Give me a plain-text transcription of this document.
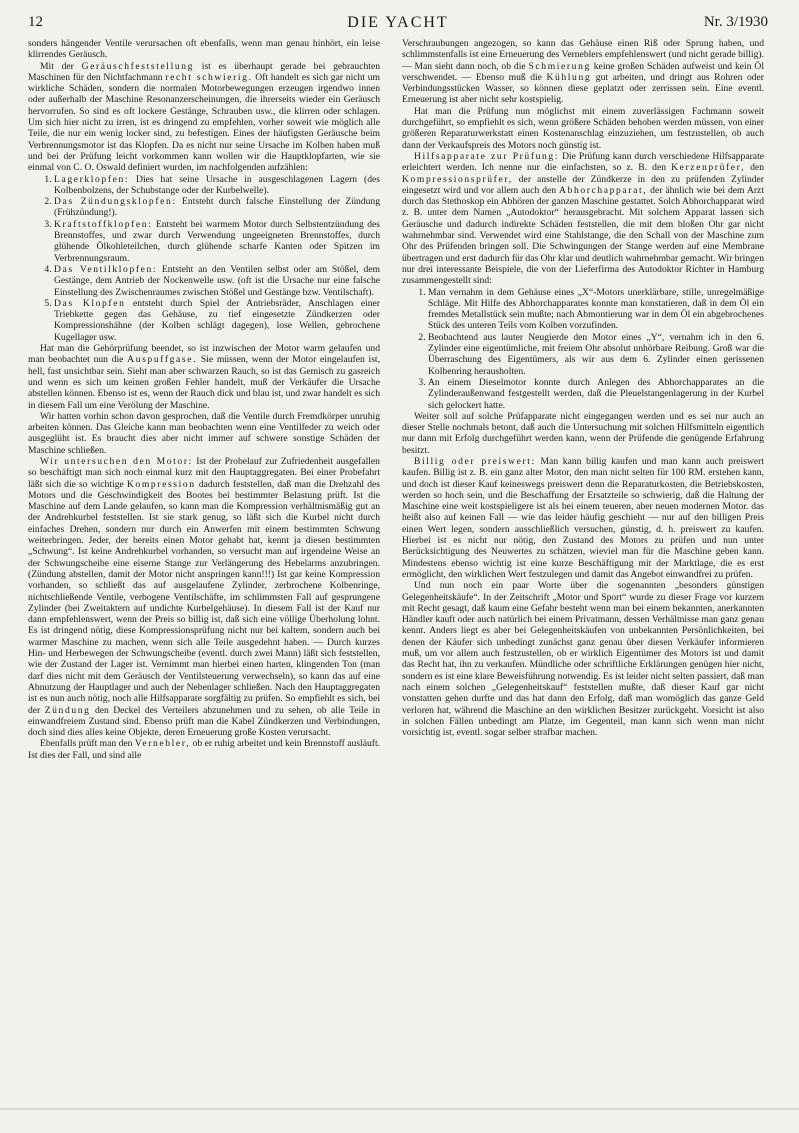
12	DIE YACHT	Nr. 3/1930

sonders hängender Ventile verursachen oft ebenfalls, wenn man genau hinhört, ein leise klirrendes Geräusch.

Mit der Geräuschfeststellung ist es überhaupt gerade bei gebrauchten Maschinen für den Nichtfachmann recht schwierig. Oft handelt es sich gar nicht um wirkliche Schäden, sondern die normalen Motorbewegungen erzeugen irgendwo innen oder außerhalb der Maschine Resonanzerscheinungen, die ihrerseits wieder ein Geräusch hervorrufen. So sind es oft lockere Gestänge, Schrauben usw., die klirren oder schlagen. Um sich hier nicht zu irren, ist es dringend zu empfehlen, vorher soweit wie möglich alle Teile, die nur ein wenig locker sind, zu befestigen. Eines der häufigsten Geräusche beim Verbrennungsmotor ist das Klopfen. Da es nicht nur seine Ursache im Kolben haben muß und bei der Prüfung leicht vorkommen kann wollen wir die Hauptklopfarten, wie sie einmal von C. O. Oswald definiert wurden, im nachfolgenden aufzählen:

1. Lagerklopfen: Dies hat seine Ursache in ausgeschlagenen Lagern (des Kolbenbolzens, der Schubstange oder der Kurbelwelle).
2. Das Zündungsklopfen: Entsteht durch falsche Einstellung der Zündung (Frühzündung!).
3. Kraftstoffklopfen: Entsteht bei warmem Motor durch Selbstentzündung des Brennstoffes, und zwar durch Verwendung ungeeigneten Brennstoffes, durch glühende Ölkohleteilchen, durch glühende scharfe Kanten oder Spitzen im Verbrennungsraum.
4. Das Ventilklopfen: Entsteht an den Ventilen selbst oder am Stößel, dem Gestänge, dem Antrieb der Nockenwelle usw. (oft ist die Ursache nur eine falsche Einstellung des Zwischenraumes zwischen Stößel und Gestänge bzw. Ventilschaft).
5. Das Klopfen entsteht durch Spiel der Antriebsräder, Anschlagen einer Triebkette gegen das Gehäuse, zu tief eingesetzte Zündkerzen oder Kompressionshähne (der Kolben schlägt dagegen), lose Wellen, gebrochene Kugellager usw.

Hat man die Gehörprüfung beendet, so ist inzwischen der Motor warm gelaufen und man beobachtet nun die Auspuffgase. Sie müssen, wenn der Motor eingelaufen ist, hell, fast unsichtbar sein. Sieht man aber schwarzen Rauch, so ist das Gemisch zu gasreich und wenn es sich um keinen großen Fehler handelt, muß der Verkäufer die Ursache abstellen können. Ebenso ist es, wenn der Rauch dick und blau ist, und zwar handelt es sich in diesem Fall um eine Verölung der Maschine.

Wir hatten vorhin schon davon gesprochen, daß die Ventile durch Fremdkörper unruhig arbeiten können. Das Gleiche kann man beobachten wenn eine Ventilfeder zu weich oder ausgeglüht ist. Es braucht dies aber nicht immer auf schwere sonstige Schäden der Maschine schließen.

Wir untersuchen den Motor: Ist der Probelauf zur Zufriedenheit ausgefallen so beschäftigt man sich noch einmal kurz mit den Hauptaggregaten. Bei einer Probefahrt läßt sich die so wichtige Kompression dadurch feststellen, daß man die Drehzahl des Motors und die Geschwindigkeit des Bootes bei bestimmter Belastung prüft. Ist die Maschine auf dem Lande gelaufen, so kann man die Kompression verhältnismäßig gut an der Andrehkurbel feststellen. Ist sie stark genug, so läßt sich die Kurbel nicht durch einfaches Drehen, sondern nur durch ein Anwerfen mit einem bestimmten Schwung weiterbringen. Jeder, der bereits einen Motor gehabt hat, kennt ja diesen bestimmten „Schwung“. Ist keine Andrehkurbel vorhanden, so versucht man auf irgendeine Weise an der Schwungscheibe eine eiserne Stange zur Verlängerung des Hebelarms anzubringen. (Zündung abstellen, damit der Motor nicht anspringen kann!!!) Ist gar keine Kompression vorhanden, so schließt das auf ausgelaufene Zylinder, zerbrochene Kolbenringe, nichtschließende Ventile, verbogene Ventilschäfte, im schlimmsten Fall auf gesprungene Zylinder (bei Zweitaktern auf undichte Kurbelgehäuse). In diesem Fall ist der Kauf nur dann empfehlenswert, wenn der Preis so billig ist, daß sich eine völlige Überholung lohnt. Es ist dringend nötig, diese Kompressionsprüfung nicht nur bei kaltem, sondern auch bei warmer Maschine zu machen, wenn sich alle Teile ausgedehnt haben. — Durch kurzes Hin- und Herbewegen der Schwungscheibe (eventl. durch zwei Mann) läßt sich feststellen, wie der Zustand der Lager ist. Vernimmt man hierbei einen harten, klingenden Ton (man darf dies nicht mit dem Geräusch der Ventilsteuerung verwechseln), so kann das auf eine Abnutzung der Hauptlager und auch der Nebenlager schließen. Nach den Hauptaggregaten ist es nun auch nötig, noch alle Hilfsapparate sorgfältig zu prüfen. So empfiehlt es sich, bei der Zündung den Deckel des Verteilers abzunehmen und zu sehen, ob alle Teile in einwandfreiem Zustand sind. Ebenso prüft man die Kabel Zündkerzen und Verbindungen, doch sind dies alles keine Objekte, deren Erneuerung große Kosten verursacht.

Ebenfalls prüft man den Vernebler, ob er ruhig arbeitet und kein Brennstoff ausläuft. Ist dies der Fall, und sind alle

Verschraubungen angezogen, so kann das Gehäuse einen Riß oder Sprung haben, und schlimmstenfalls ist eine Erneuerung des Verneblers empfehlenswert (und nicht gerade billig). — Man sieht dann noch, ob die Schmierung keine großen Schäden aufweist und kein Öl verschwendet. — Ebenso muß die Kühlung gut arbeiten, und dringt aus Rohren oder Verbindungsstücken Wasser, so können diese geplatzt oder zerrissen sein. Eine eventl. Erneuerung ist aber nicht sehr kostspielig.

Hat man die Prüfung nun möglichst mit einem zuverlässigen Fachmann soweit durchgeführt, so empfiehlt es sich, wenn größere Schäden behoben werden müssen, von einer größeren Reparaturwerkstatt einen Kostenanschlag einzuziehen, um festzustellen, ob auch dann der Verkaufspreis des Motors noch günstig ist.

Hilfsapparate zur Prüfung: Die Prüfung kann durch verschiedene Hilfsapparate erleichtert werden. Ich nenne nur die einfachsten, so z. B. den Kerzenprüfer, den Kompressionsprüfer, der anstelle der Zündkerze in den zu prüfenden Zylinder eingesetzt wird und vor allem auch den Abhorchapparat, der ähnlich wie bei dem Arzt durch das Stethoskop ein Abhören der ganzen Maschine gestattet. Solch Abhorchapparat wird z. B. unter dem Namen „Autodoktor“ herausgebracht. Mit solchem Apparat lassen sich Geräusche und dadurch indirekte Schäden feststellen, die mit dem bloßen Ohr gar nicht wahrnehmbar sind. Verwendet wird eine Stahlstange, die den Schall von der Maschine zum Ohr des Prüfenden bringen soll. Die Schwingungen der Stange werden auf eine Membrane übertragen und erst dadurch für das Ohr klar und deutlich wahrnehmbar gemacht. Wir bringen nur drei interessante Beispiele, die von der Lieferfirma des Autodoktor Richter in Hamburg zusammengestellt sind:

1. Man vernahm in dem Gehäuse eines „X“-Motors unerklärbare, stille, unregelmäßige Schläge. Mit Hilfe des Abhorchapparates konnte man konstatieren, daß in dem Öl ein fremdes Metallstück sein mußte; nach Abmontierung war in dem Öl ein abgebrochenes Stück des unteren Teils vom Kolben vorzufinden.
2. Beobachtend aus lauter Neugierde den Motor eines „Y“, vernahm ich in den 6. Zylinder eine eigentümliche, mit freiem Ohr absolut unhörbare Reibung. Groß war die Überraschung des Eigentümers, als wir aus dem 6. Zylinder einen gerissenen Kolbenring herausholten.
3. An einem Dieselmotor konnte durch Anlegen des Abhorchapparates an die Zylinderaußenwand festgestellt werden, daß die Pleuelstangenlagerung in der Kurbel sich gelockert hatte.

Weiter soll auf solche Prüfapparate nicht eingegangen werden und es sei nur auch an dieser Stelle nochmals betont, daß auch die Untersuchung mit solchen Hilfsmitteln eigentlich nur dann mit Erfolg durchgeführt werden kann, wenn der Prüfende die genügende Erfahrung besitzt.

Billig oder preiswert: Man kann billig kaufen und man kann auch preiswert kaufen. Billig ist z. B. ein ganz alter Motor, den man nicht selten für 100 RM. erstehen kann, und doch ist dieser Kauf keineswegs preiswert denn die Reparaturkosten, die Betriebskosten, werden so hoch sein, und die Beschaffung der Ersatzteile so schwierig, daß die Haltung der Maschine eine weit kostspieligere ist als bei einem teueren, aber neuen modernen Motor. das heißt also auf keinen Fall — wie das leider häufig geschieht — nur auf den billigen Preis einen Wert legen, sondern ausschließlich versuchen, günstig, d. h. preiswert zu kaufen. Hierbei ist es nicht nur nötig, den Zustand des Motors zu prüfen und nun unter Berücksichtigung des Neuwertes zu schätzen, wieviel man für die Maschine geben kann. Mindestens ebenso wichtig ist eine kurze Beschäftigung mit der Marktlage, die es erst ermöglicht, den wirklichen Wert festzulegen und damit das Angebot einwandfrei zu prüfen.

Und nun noch ein paar Worte über die sogenannten „besonders günstigen Gelegenheitskäufe“. In der Zeitschrift „Motor und Sport“ wurde zu dieser Frage vor kurzem mit Recht gesagt, daß kaum eine Gefahr besteht wenn man bei einem bekannten, anerkannten Händler kauft oder auch natürlich bei einem Privatmann, dessen Verhältnisse man ganz genau kennt. Anders liegt es aber bei Gelegenheitskäufen von unbekannten Persönlichkeiten, bei denen der Käufer sich unbedingt zunächst ganz genau über diesen Verkäufer informieren muß, um vor allem auch festzustellen, ob er wirklich Eigentümer des Motors ist und damit das Recht hat, ihn zu verkaufen. Mündliche oder schriftliche Erklärungen genügen hier nicht, sondern es ist eine klare Beweisführung notwendig. Es ist leider nicht selten passiert, daß man nach einem solchen „Gelegenheitskauf“ feststellen mußte, daß dieser Kauf gar nicht vonstatten gehen durfte und das hat dann den Erfolg, daß man womöglich das ganze Geld verloren hat, während die Maschine an den wirklichen Besitzer zurückgeht. Vorsicht ist also in solchen Fällen unbedingt am Platze, im Gegenteil, man kann sich wenn man nicht vorsichtig ist, eventl. sogar selber strafbar machen.
